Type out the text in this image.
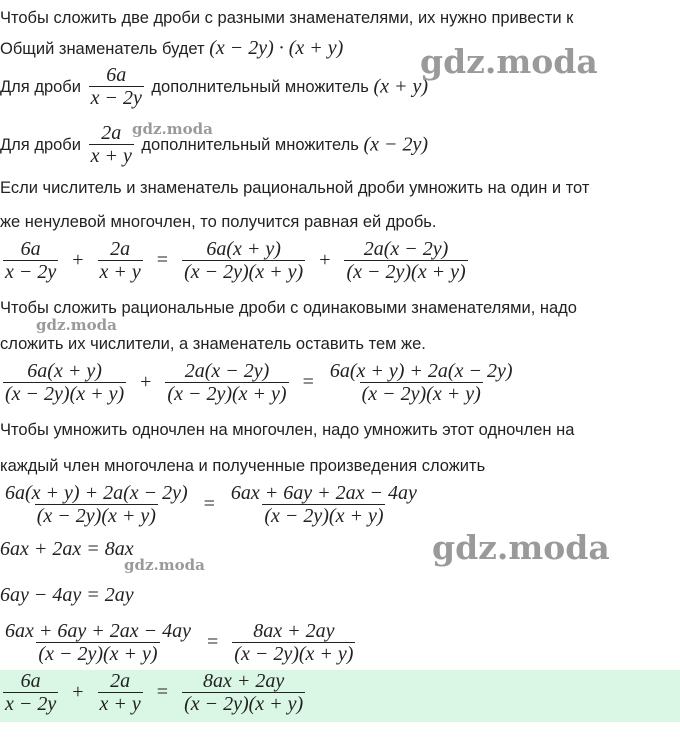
Чтобы сложить две дроби с разными знаменателями, их нужно привести к
Общий знаменатель будет (x − 2y) · (x + y)
Для дроби $\frac{6a}{x - 2y}$ дополнительный множитель (x + y)
Для дроби $\frac{2a}{x + y}$ дополнительный множитель (x − 2y)
Если числитель и знаменатель рациональной дроби умножить на один и тот
же ненулевой многочлен, то получится равная ей дробь.
$\frac{6a}{x - 2y} + \frac{2a}{x + y} = \frac{6a(x + y)}{(x - 2y)(x + y)} + \frac{2a(x - 2y)}{(x - 2y)(x + y)}$
Чтобы сложить рациональные дроби с одинаковыми знаменателями, надо
сложить их числители, а знаменатель оставить тем же.
$\frac{6a(x + y)}{(x - 2y)(x + y)} + \frac{2a(x - 2y)}{(x - 2y)(x + y)} = \frac{6a(x + y) + 2a(x - 2y)}{(x - 2y)(x + y)}$
Чтобы умножить одночлен на многочлен, надо умножить этот одночлен на
каждый член многочлена и полученные произведения сложить
$\frac{6a(x + y) + 2a(x - 2y)}{(x - 2y)(x + y)} = \frac{6ax + 6ay + 2ax - 4ay}{(x - 2y)(x + y)}$
6ax + 2ax = 8ax
6ay − 4ay = 2ay
$\frac{6ax + 6ay + 2ax - 4ay}{(x - 2y)(x + y)} = \frac{8ax + 2ay}{(x - 2y)(x + y)}$
$\frac{6a}{x - 2y} + \frac{2a}{x + y} = \frac{8ax + 2ay}{(x - 2y)(x + y)}$
gdz.moda
gdz.moda
gdz.moda
gdz.moda
gdz.moda
